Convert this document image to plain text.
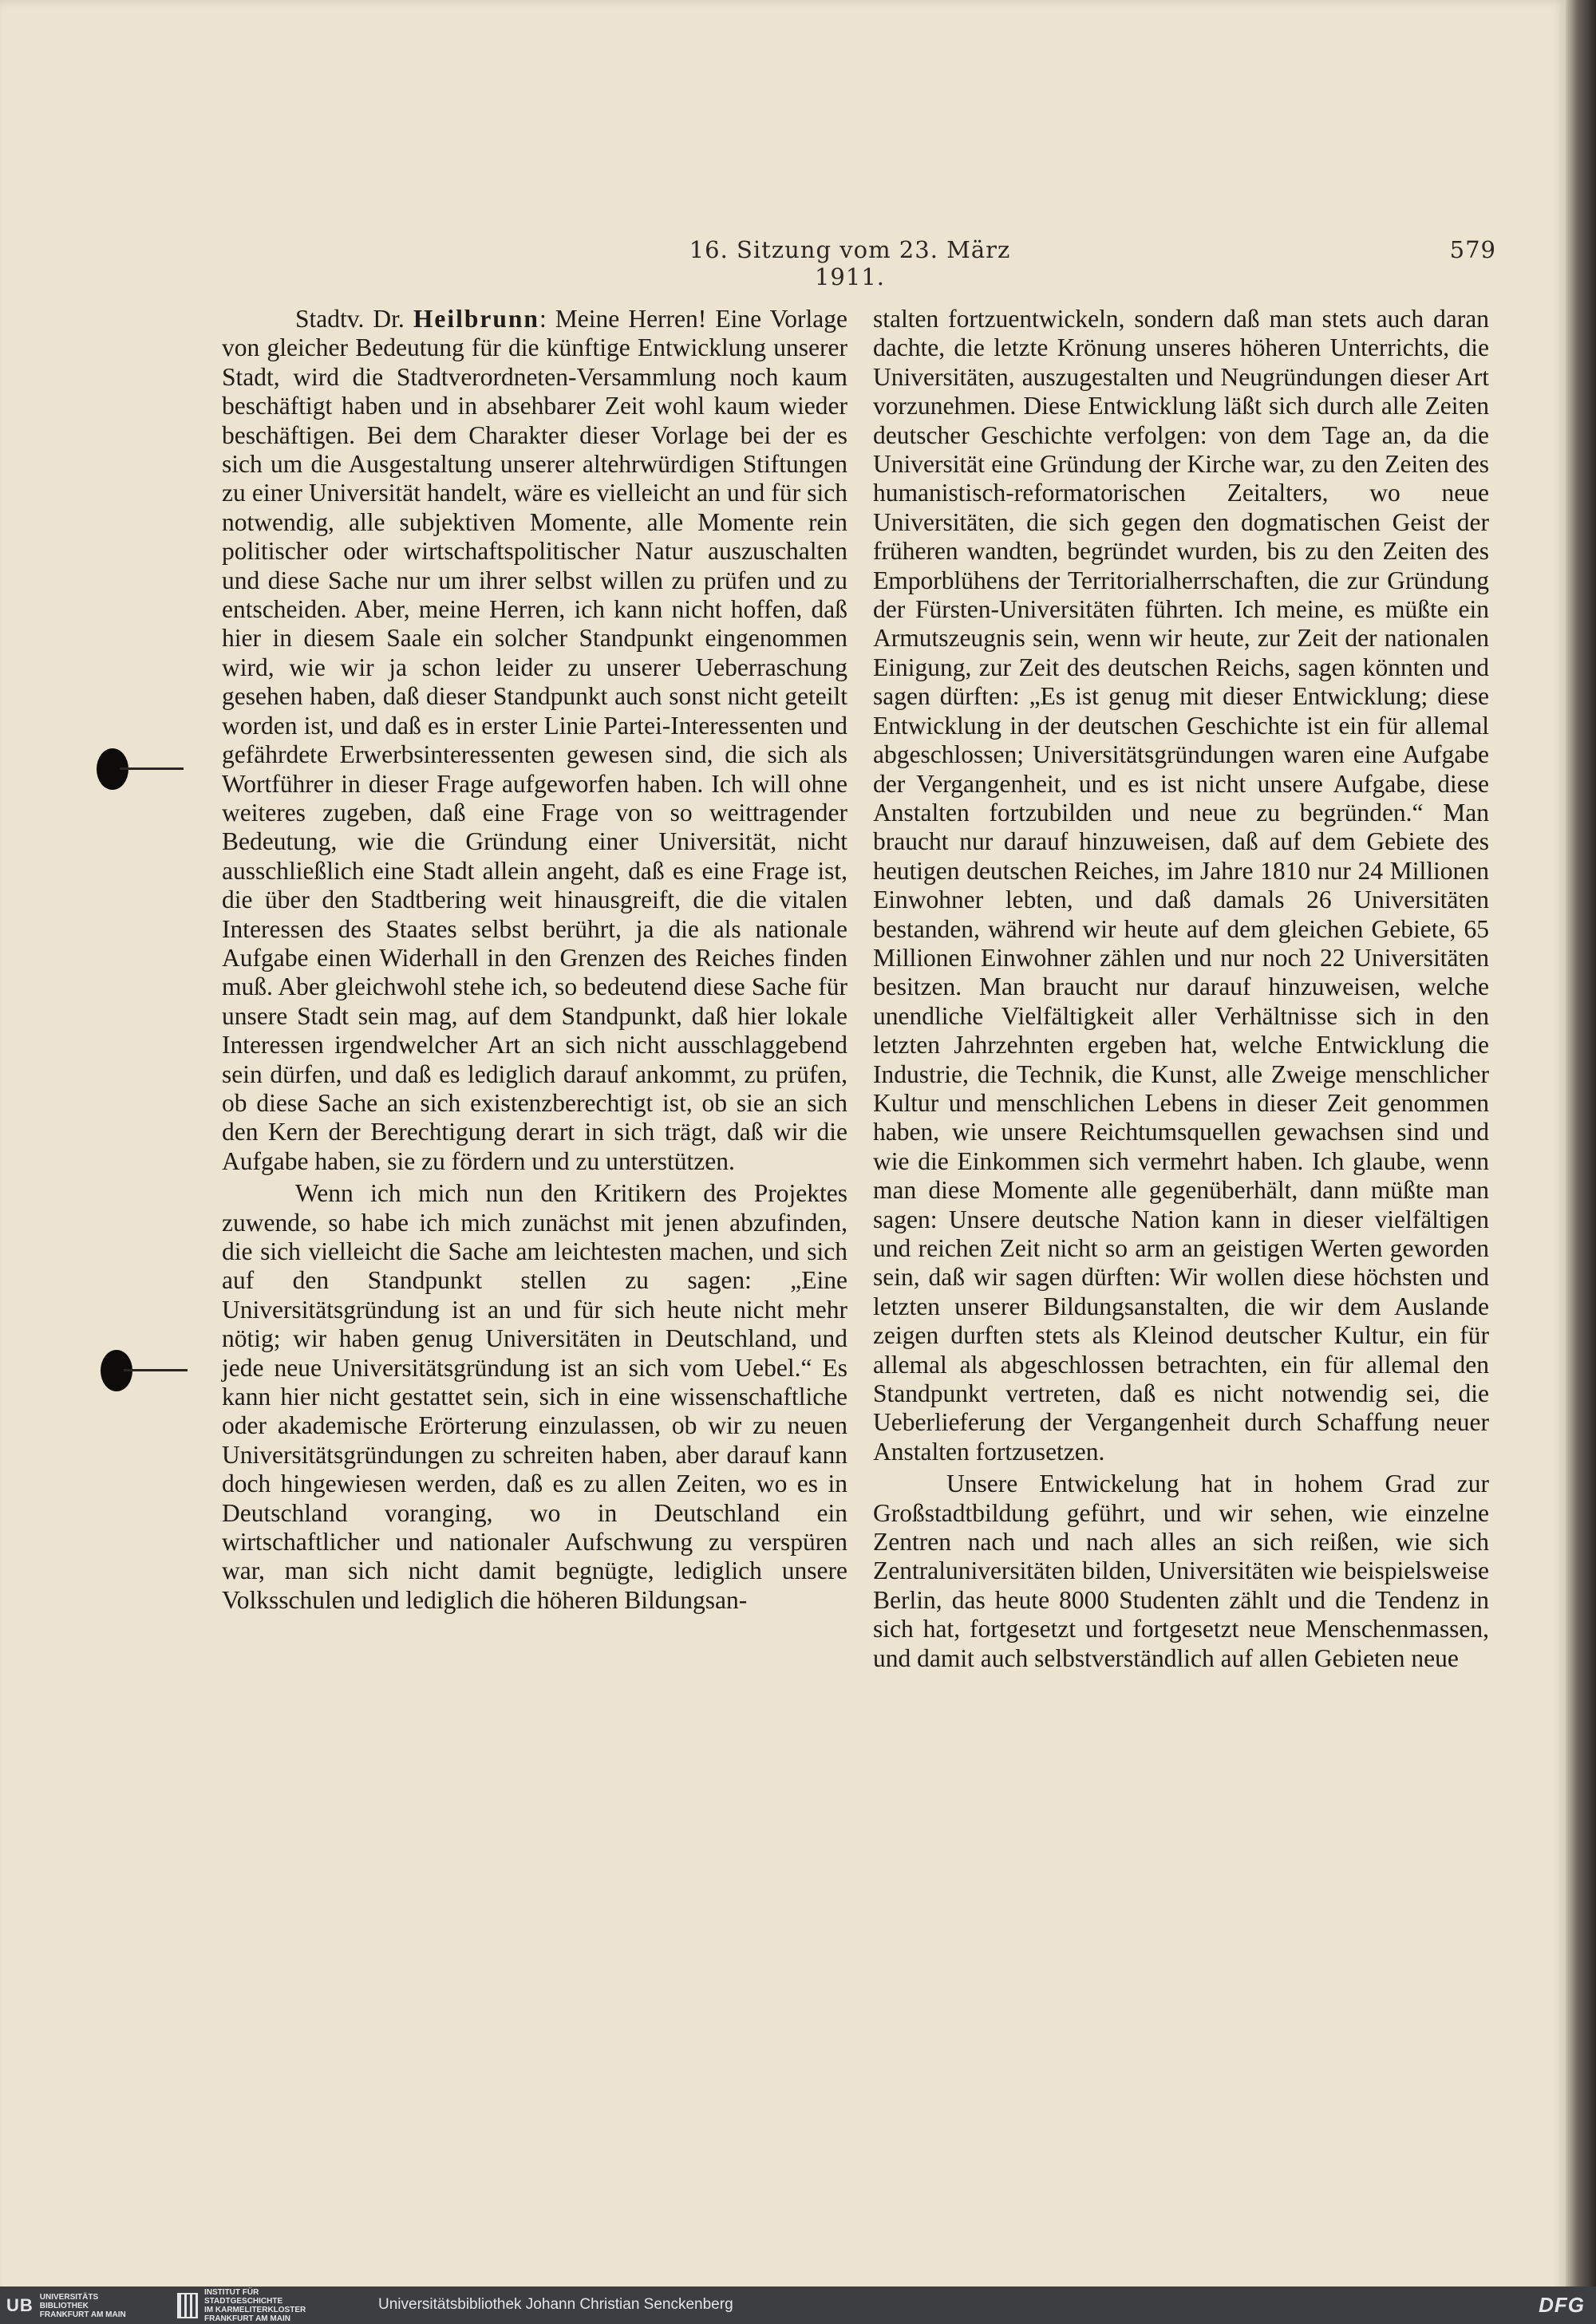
16. Sitzung vom 23. März 1911.
579

Stadtv. Dr. Heilbrunn: Meine Herren! Eine Vorlage von gleicher Bedeutung für die künftige Entwicklung unserer Stadt, wird die Stadtverordneten-Versammlung noch kaum beschäftigt haben und in absehbarer Zeit wohl kaum wieder beschäftigen. Bei dem Charakter dieser Vorlage bei der es sich um die Ausgestaltung unserer altehrwürdigen Stiftungen zu einer Universität handelt, wäre es vielleicht an und für sich notwendig, alle subjektiven Momente, alle Momente rein politischer oder wirtschaftspolitischer Natur auszuschalten und diese Sache nur um ihrer selbst willen zu prüfen und zu entscheiden. Aber, meine Herren, ich kann nicht hoffen, daß hier in diesem Saale ein solcher Standpunkt eingenommen wird, wie wir ja schon leider zu unserer Ueberraschung gesehen haben, daß dieser Standpunkt auch sonst nicht geteilt worden ist, und daß es in erster Linie Partei-Interessenten und gefährdete Erwerbsinteressenten gewesen sind, die sich als Wortführer in dieser Frage aufgeworfen haben. Ich will ohne weiteres zugeben, daß eine Frage von so weittragender Bedeutung, wie die Gründung einer Universität, nicht ausschließlich eine Stadt allein angeht, daß es eine Frage ist, die über den Stadtbering weit hinausgreift, die die vitalen Interessen des Staates selbst berührt, ja die als nationale Aufgabe einen Widerhall in den Grenzen des Reiches finden muß. Aber gleichwohl stehe ich, so bedeutend diese Sache für unsere Stadt sein mag, auf dem Standpunkt, daß hier lokale Interessen irgendwelcher Art an sich nicht ausschlaggebend sein dürfen, und daß es lediglich darauf ankommt, zu prüfen, ob diese Sache an sich existenzberechtigt ist, ob sie an sich den Kern der Berechtigung derart in sich trägt, daß wir die Aufgabe haben, sie zu fördern und zu unterstützen.

Wenn ich mich nun den Kritikern des Projektes zuwende, so habe ich mich zunächst mit jenen abzufinden, die sich vielleicht die Sache am leichtesten machen, und sich auf den Standpunkt stellen zu sagen: „Eine Universitätsgründung ist an und für sich heute nicht mehr nötig; wir haben genug Universitäten in Deutschland, und jede neue Universitätsgründung ist an sich vom Uebel.“ Es kann hier nicht gestattet sein, sich in eine wissenschaftliche oder akademische Erörterung einzulassen, ob wir zu neuen Universitätsgründungen zu schreiten haben, aber darauf kann doch hingewiesen werden, daß es zu allen Zeiten, wo es in Deutschland voranging, wo in Deutschland ein wirtschaftlicher und nationaler Aufschwung zu verspüren war, man sich nicht damit begnügte, lediglich unsere Volksschulen und lediglich die höheren Bildungsan-

stalten fortzuentwickeln, sondern daß man stets auch daran dachte, die letzte Krönung unseres höheren Unterrichts, die Universitäten, auszugestalten und Neugründungen dieser Art vorzunehmen. Diese Entwicklung läßt sich durch alle Zeiten deutscher Geschichte verfolgen: von dem Tage an, da die Universität eine Gründung der Kirche war, zu den Zeiten des humanistisch-reformatorischen Zeitalters, wo neue Universitäten, die sich gegen den dogmatischen Geist der früheren wandten, begründet wurden, bis zu den Zeiten des Emporblühens der Territorialherrschaften, die zur Gründung der Fürsten-Universitäten führten. Ich meine, es müßte ein Armutszeugnis sein, wenn wir heute, zur Zeit der nationalen Einigung, zur Zeit des deutschen Reichs, sagen könnten und sagen dürften: „Es ist genug mit dieser Entwicklung; diese Entwicklung in der deutschen Geschichte ist ein für allemal abgeschlossen; Universitätsgründungen waren eine Aufgabe der Vergangenheit, und es ist nicht unsere Aufgabe, diese Anstalten fortzubilden und neue zu begründen.“ Man braucht nur darauf hinzuweisen, daß auf dem Gebiete des heutigen deutschen Reiches, im Jahre 1810 nur 24 Millionen Einwohner lebten, und daß damals 26 Universitäten bestanden, während wir heute auf dem gleichen Gebiete, 65 Millionen Einwohner zählen und nur noch 22 Universitäten besitzen. Man braucht nur darauf hinzuweisen, welche unendliche Vielfältigkeit aller Verhältnisse sich in den letzten Jahrzehnten ergeben hat, welche Entwicklung die Industrie, die Technik, die Kunst, alle Zweige menschlicher Kultur und menschlichen Lebens in dieser Zeit genommen haben, wie unsere Reichtumsquellen gewachsen sind und wie die Einkommen sich vermehrt haben. Ich glaube, wenn man diese Momente alle gegenüberhält, dann müßte man sagen: Unsere deutsche Nation kann in dieser vielfältigen und reichen Zeit nicht so arm an geistigen Werten geworden sein, daß wir sagen dürften: Wir wollen diese höchsten und letzten unserer Bildungsanstalten, die wir dem Auslande zeigen durften stets als Kleinod deutscher Kultur, ein für allemal als abgeschlossen betrachten, ein für allemal den Standpunkt vertreten, daß es nicht notwendig sei, die Ueberlieferung der Vergangenheit durch Schaffung neuer Anstalten fortzusetzen.

Unsere Entwickelung hat in hohem Grad zur Großstadtbildung geführt, und wir sehen, wie einzelne Zentren nach und nach alles an sich reißen, wie sich Zentraluniversitäten bilden, Universitäten wie beispielsweise Berlin, das heute 8000 Studenten zählt und die Tendenz in sich hat, fortgesetzt und fortgesetzt neue Menschenmassen, und damit auch selbstverständlich auf allen Gebieten neue

UB UNIVERSITÄTS
BIBLIOTHEK
FRANKFURT AM MAIN
INSTITUT FÜR
STADTGESCHICHTE
IM KARMELITERKLOSTER
FRANKFURT AM MAIN
Universitätsbibliothek Johann Christian Senckenberg	DFG
